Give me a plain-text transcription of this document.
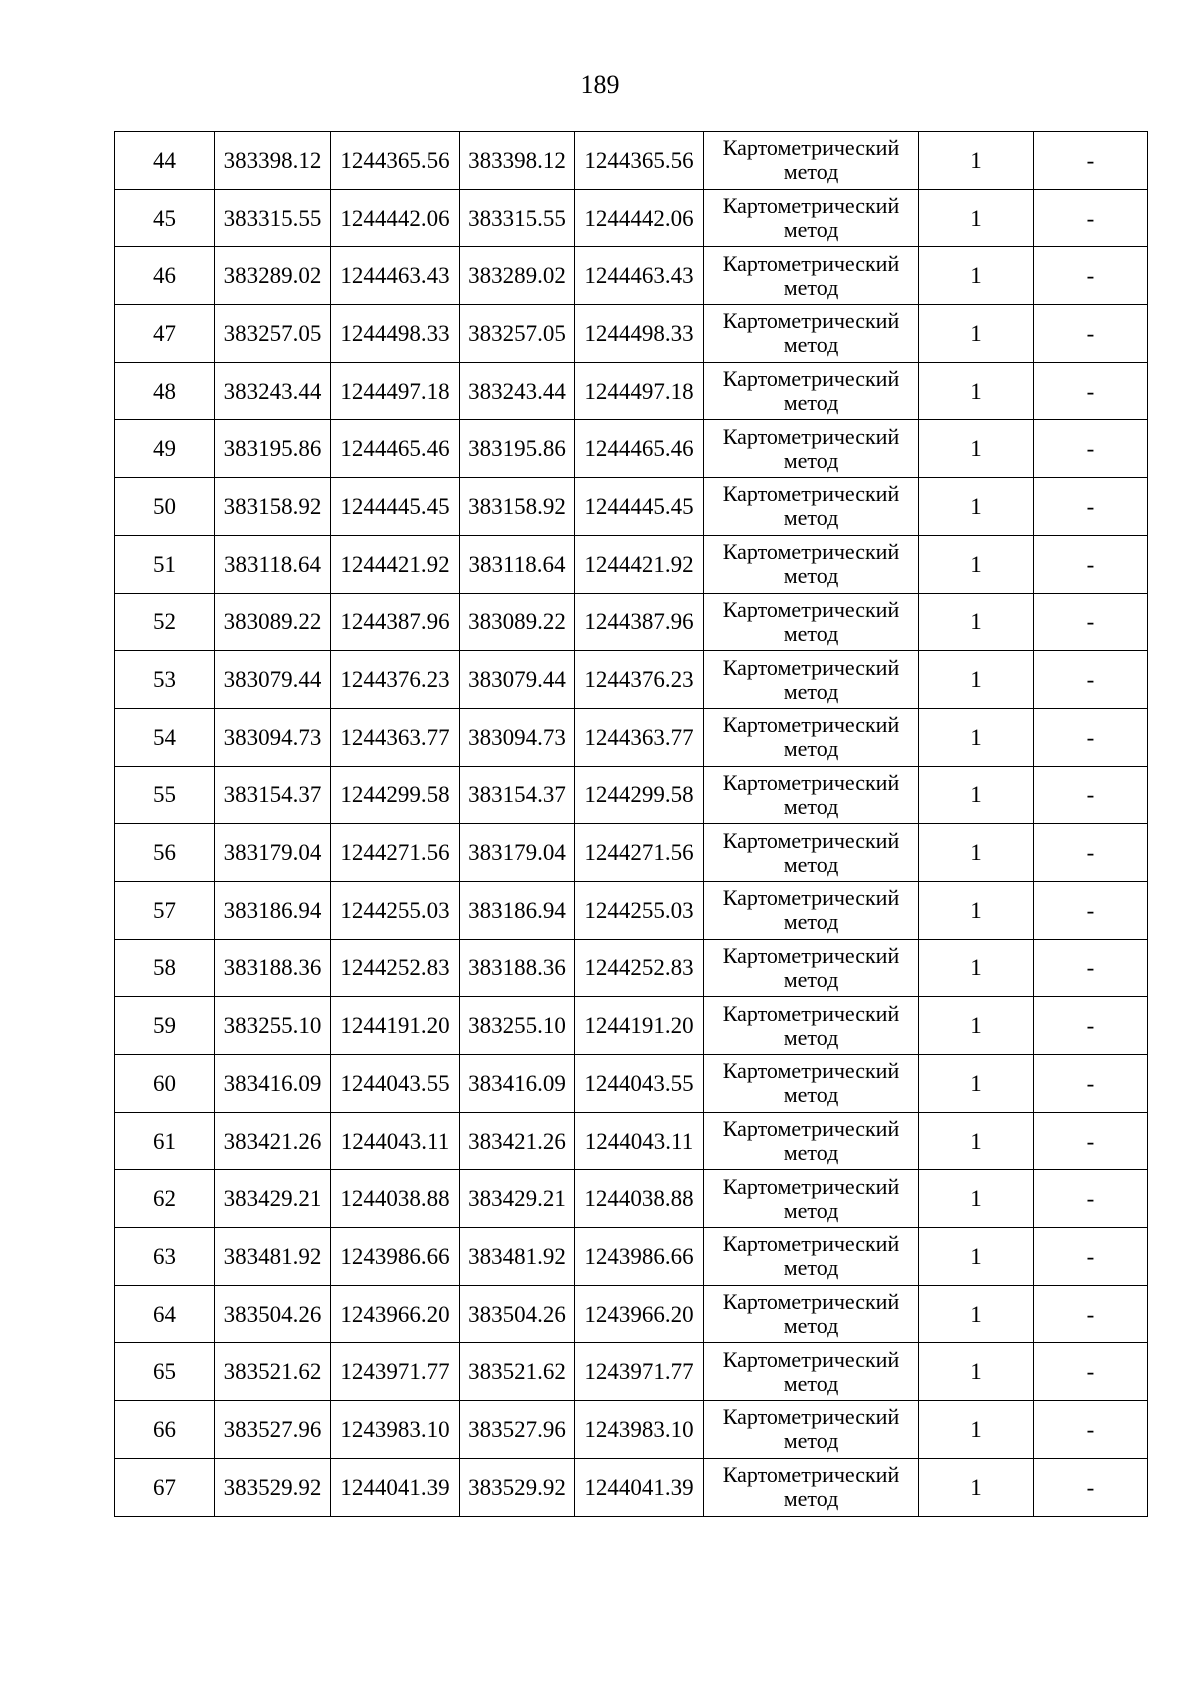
189
44	383398.12	1244365.56	383398.12	1244365.56	Картометрический
метод	1	-
45	383315.55	1244442.06	383315.55	1244442.06	Картометрический
метод	1	-
46	383289.02	1244463.43	383289.02	1244463.43	Картометрический
метод	1	-
47	383257.05	1244498.33	383257.05	1244498.33	Картометрический
метод	1	-
48	383243.44	1244497.18	383243.44	1244497.18	Картометрический
метод	1	-
49	383195.86	1244465.46	383195.86	1244465.46	Картометрический
метод	1	-
50	383158.92	1244445.45	383158.92	1244445.45	Картометрический
метод	1	-
51	383118.64	1244421.92	383118.64	1244421.92	Картометрический
метод	1	-
52	383089.22	1244387.96	383089.22	1244387.96	Картометрический
метод	1	-
53	383079.44	1244376.23	383079.44	1244376.23	Картометрический
метод	1	-
54	383094.73	1244363.77	383094.73	1244363.77	Картометрический
метод	1	-
55	383154.37	1244299.58	383154.37	1244299.58	Картометрический
метод	1	-
56	383179.04	1244271.56	383179.04	1244271.56	Картометрический
метод	1	-
57	383186.94	1244255.03	383186.94	1244255.03	Картометрический
метод	1	-
58	383188.36	1244252.83	383188.36	1244252.83	Картометрический
метод	1	-
59	383255.10	1244191.20	383255.10	1244191.20	Картометрический
метод	1	-
60	383416.09	1244043.55	383416.09	1244043.55	Картометрический
метод	1	-
61	383421.26	1244043.11	383421.26	1244043.11	Картометрический
метод	1	-
62	383429.21	1244038.88	383429.21	1244038.88	Картометрический
метод	1	-
63	383481.92	1243986.66	383481.92	1243986.66	Картометрический
метод	1	-
64	383504.26	1243966.20	383504.26	1243966.20	Картометрический
метод	1	-
65	383521.62	1243971.77	383521.62	1243971.77	Картометрический
метод	1	-
66	383527.96	1243983.10	383527.96	1243983.10	Картометрический
метод	1	-
67	383529.92	1244041.39	383529.92	1244041.39	Картометрический
метод	1	-
